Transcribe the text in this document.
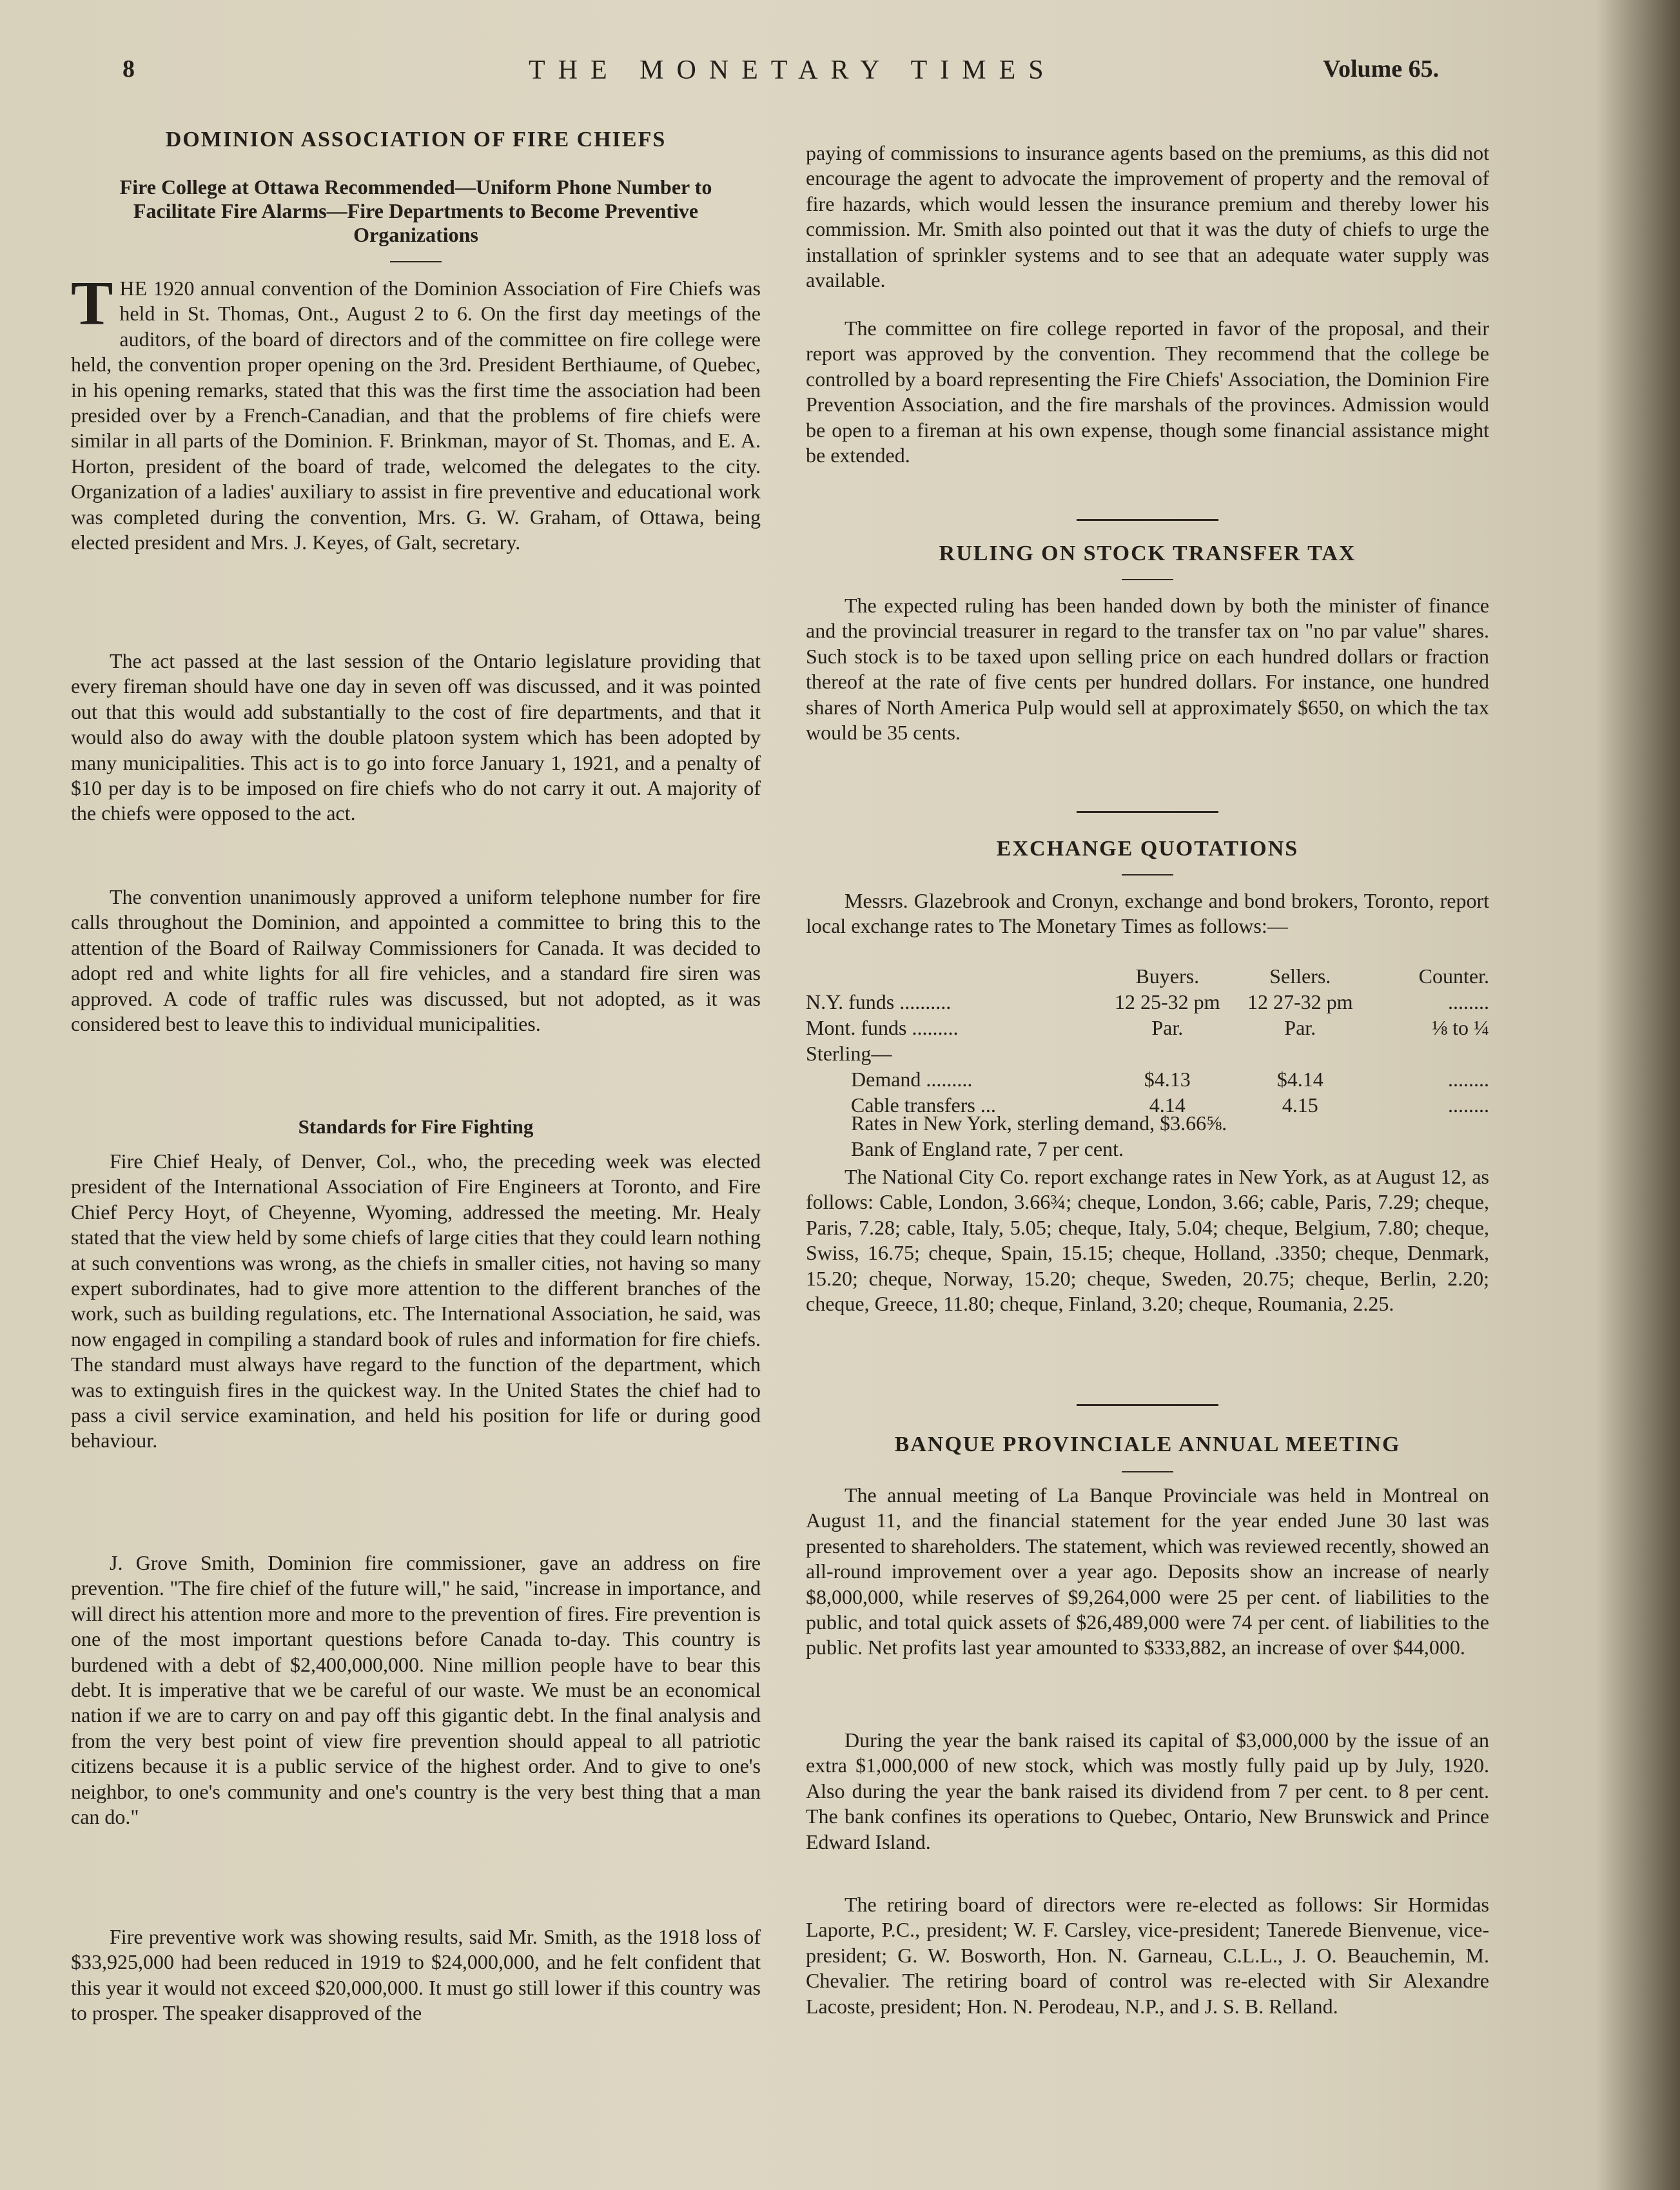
8	THE MONETARY TIMES	Volume 65.
DOMINION ASSOCIATION OF FIRE CHIEFS

Fire College at Ottawa Recommended—Uniform Phone Number to Facilitate Fire Alarms—Fire Departments to Become Preventive Organizations

THE 1920 annual convention of the Dominion Association of Fire Chiefs was held in St. Thomas, Ont., August 2 to 6. On the first day meetings of the auditors, of the board of directors and of the committee on fire college were held, the convention proper opening on the 3rd. President Berthiaume, of Quebec, in his opening remarks, stated that this was the first time the association had been presided over by a French-Canadian, and that the problems of fire chiefs were similar in all parts of the Dominion. F. Brinkman, mayor of St. Thomas, and E. A. Horton, president of the board of trade, welcomed the delegates to the city. Organization of a ladies' auxiliary to assist in fire preventive and educational work was completed during the convention, Mrs. G. W. Graham, of Ottawa, being elected president and Mrs. J. Keyes, of Galt, secretary.

The act passed at the last session of the Ontario legislature providing that every fireman should have one day in seven off was discussed, and it was pointed out that this would add substantially to the cost of fire departments, and that it would also do away with the double platoon system which has been adopted by many municipalities. This act is to go into force January 1, 1921, and a penalty of $10 per day is to be imposed on fire chiefs who do not carry it out. A majority of the chiefs were opposed to the act.

The convention unanimously approved a uniform telephone number for fire calls throughout the Dominion, and appointed a committee to bring this to the attention of the Board of Railway Commissioners for Canada. It was decided to adopt red and white lights for all fire vehicles, and a standard fire siren was approved. A code of traffic rules was discussed, but not adopted, as it was considered best to leave this to individual municipalities.

Standards for Fire Fighting

Fire Chief Healy, of Denver, Col., who, the preceding week was elected president of the International Association of Fire Engineers at Toronto, and Fire Chief Percy Hoyt, of Cheyenne, Wyoming, addressed the meeting. Mr. Healy stated that the view held by some chiefs of large cities that they could learn nothing at such conventions was wrong, as the chiefs in smaller cities, not having so many expert subordinates, had to give more attention to the different branches of the work, such as building regulations, etc. The International Association, he said, was now engaged in compiling a standard book of rules and information for fire chiefs. The standard must always have regard to the function of the department, which was to extinguish fires in the quickest way. In the United States the chief had to pass a civil service examination, and held his position for life or during good behaviour.

J. Grove Smith, Dominion fire commissioner, gave an address on fire prevention. "The fire chief of the future will," he said, "increase in importance, and will direct his attention more and more to the prevention of fires. Fire prevention is one of the most important questions before Canada to-day. This country is burdened with a debt of $2,400,000,000. Nine million people have to bear this debt. It is imperative that we be careful of our waste. We must be an economical nation if we are to carry on and pay off this gigantic debt. In the final analysis and from the very best point of view fire prevention should appeal to all patriotic citizens because it is a public service of the highest order. And to give to one's neighbor, to one's community and one's country is the very best thing that a man can do."

Fire preventive work was showing results, said Mr. Smith, as the 1918 loss of $33,925,000 had been reduced in 1919 to $24,000,000, and he felt confident that this year it would not exceed $20,000,000. It must go still lower if this country was to prosper. The speaker disapproved of the

paying of commissions to insurance agents based on the premiums, as this did not encourage the agent to advocate the improvement of property and the removal of fire hazards, which would lessen the insurance premium and thereby lower his commission. Mr. Smith also pointed out that it was the duty of chiefs to urge the installation of sprinkler systems and to see that an adequate water supply was available.

The committee on fire college reported in favor of the proposal, and their report was approved by the convention. They recommend that the college be controlled by a board representing the Fire Chiefs' Association, the Dominion Fire Prevention Association, and the fire marshals of the provinces. Admission would be open to a fireman at his own expense, though some financial assistance might be extended.

RULING ON STOCK TRANSFER TAX

The expected ruling has been handed down by both the minister of finance and the provincial treasurer in regard to the transfer tax on "no par value" shares. Such stock is to be taxed upon selling price on each hundred dollars or fraction thereof at the rate of five cents per hundred dollars. For instance, one hundred shares of North America Pulp would sell at approximately $650, on which the tax would be 35 cents.

EXCHANGE QUOTATIONS

Messrs. Glazebrook and Cronyn, exchange and bond brokers, Toronto, report local exchange rates to The Monetary Times as follows:—

	Buyers.	Sellers.	Counter.
N.Y. funds ..........	12 25-32 pm	12 27-32 pm	........
Mont. funds .........	Par.	Par.	⅛ to ¼
Sterling—			
Demand .........	$4.13	$4.14	........
Cable transfers ...	4.14	4.15	........

Rates in New York, sterling demand, $3.66⅝.

Bank of England rate, 7 per cent.

The National City Co. report exchange rates in New York, as at August 12, as follows: Cable, London, 3.66¾; cheque, London, 3.66; cable, Paris, 7.29; cheque, Paris, 7.28; cable, Italy, 5.05; cheque, Italy, 5.04; cheque, Belgium, 7.80; cheque, Swiss, 16.75; cheque, Spain, 15.15; cheque, Holland, .3350; cheque, Denmark, 15.20; cheque, Norway, 15.20; cheque, Sweden, 20.75; cheque, Berlin, 2.20; cheque, Greece, 11.80; cheque, Finland, 3.20; cheque, Roumania, 2.25.

BANQUE PROVINCIALE ANNUAL MEETING

The annual meeting of La Banque Provinciale was held in Montreal on August 11, and the financial statement for the year ended June 30 last was presented to shareholders. The statement, which was reviewed recently, showed an all-round improvement over a year ago. Deposits show an increase of nearly $8,000,000, while reserves of $9,264,000 were 25 per cent. of liabilities to the public, and total quick assets of $26,489,000 were 74 per cent. of liabilities to the public. Net profits last year amounted to $333,882, an increase of over $44,000.

During the year the bank raised its capital of $3,000,000 by the issue of an extra $1,000,000 of new stock, which was mostly fully paid up by July, 1920. Also during the year the bank raised its dividend from 7 per cent. to 8 per cent. The bank confines its operations to Quebec, Ontario, New Brunswick and Prince Edward Island.

The retiring board of directors were re-elected as follows: Sir Hormidas Laporte, P.C., president; W. F. Carsley, vice-president; Tanerede Bienvenue, vice-president; G. W. Bosworth, Hon. N. Garneau, C.L.L., J. O. Beauchemin, M. Chevalier. The retiring board of control was re-elected with Sir Alexandre Lacoste, president; Hon. N. Perodeau, N.P., and J. S. B. Relland.
